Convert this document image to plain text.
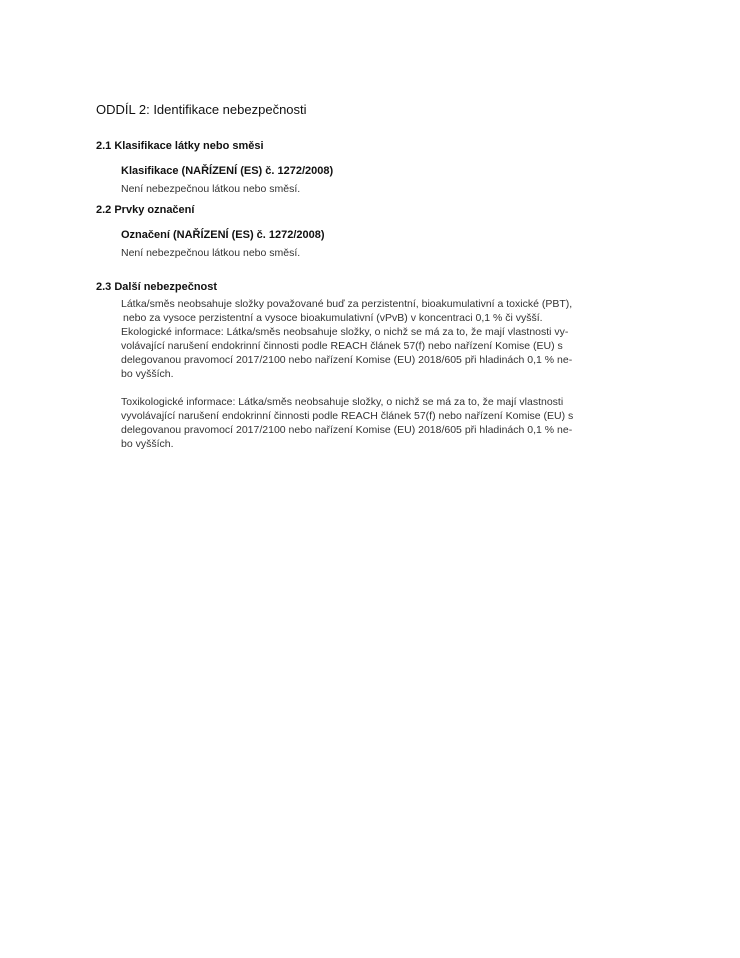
ODDÍL 2: Identifikace nebezpečnosti
2.1 Klasifikace látky nebo směsi
Klasifikace (NAŘÍZENÍ (ES) č. 1272/2008)
Není nebezpečnou látkou nebo směsí.
2.2 Prvky označení
Označení (NAŘÍZENÍ (ES) č. 1272/2008)
Není nebezpečnou látkou nebo směsí.
2.3 Další nebezpečnost
Látka/směs neobsahuje složky považované buď za perzistentní, bioakumulativní a toxické (PBT),
nebo za vysoce perzistentní a vysoce bioakumulativní (vPvB) v koncentraci 0,1 % či vyšší.
Ekologické informace: Látka/směs neobsahuje složky, o nichž se má za to, že mají vlastnosti vy-
volávající narušení endokrinní činnosti podle REACH článek 57(f) nebo nařízení Komise (EU) s
delegovanou pravomocí 2017/2100 nebo nařízení Komise (EU) 2018/605 při hladinách 0,1 % ne-
bo vyšších.
Toxikologické informace: Látka/směs neobsahuje složky, o nichž se má za to, že mají vlastnosti
vyvolávající narušení endokrinní činnosti podle REACH článek 57(f) nebo nařízení Komise (EU) s
delegovanou pravomocí 2017/2100 nebo nařízení Komise (EU) 2018/605 při hladinách 0,1 % ne-
bo vyšších.
